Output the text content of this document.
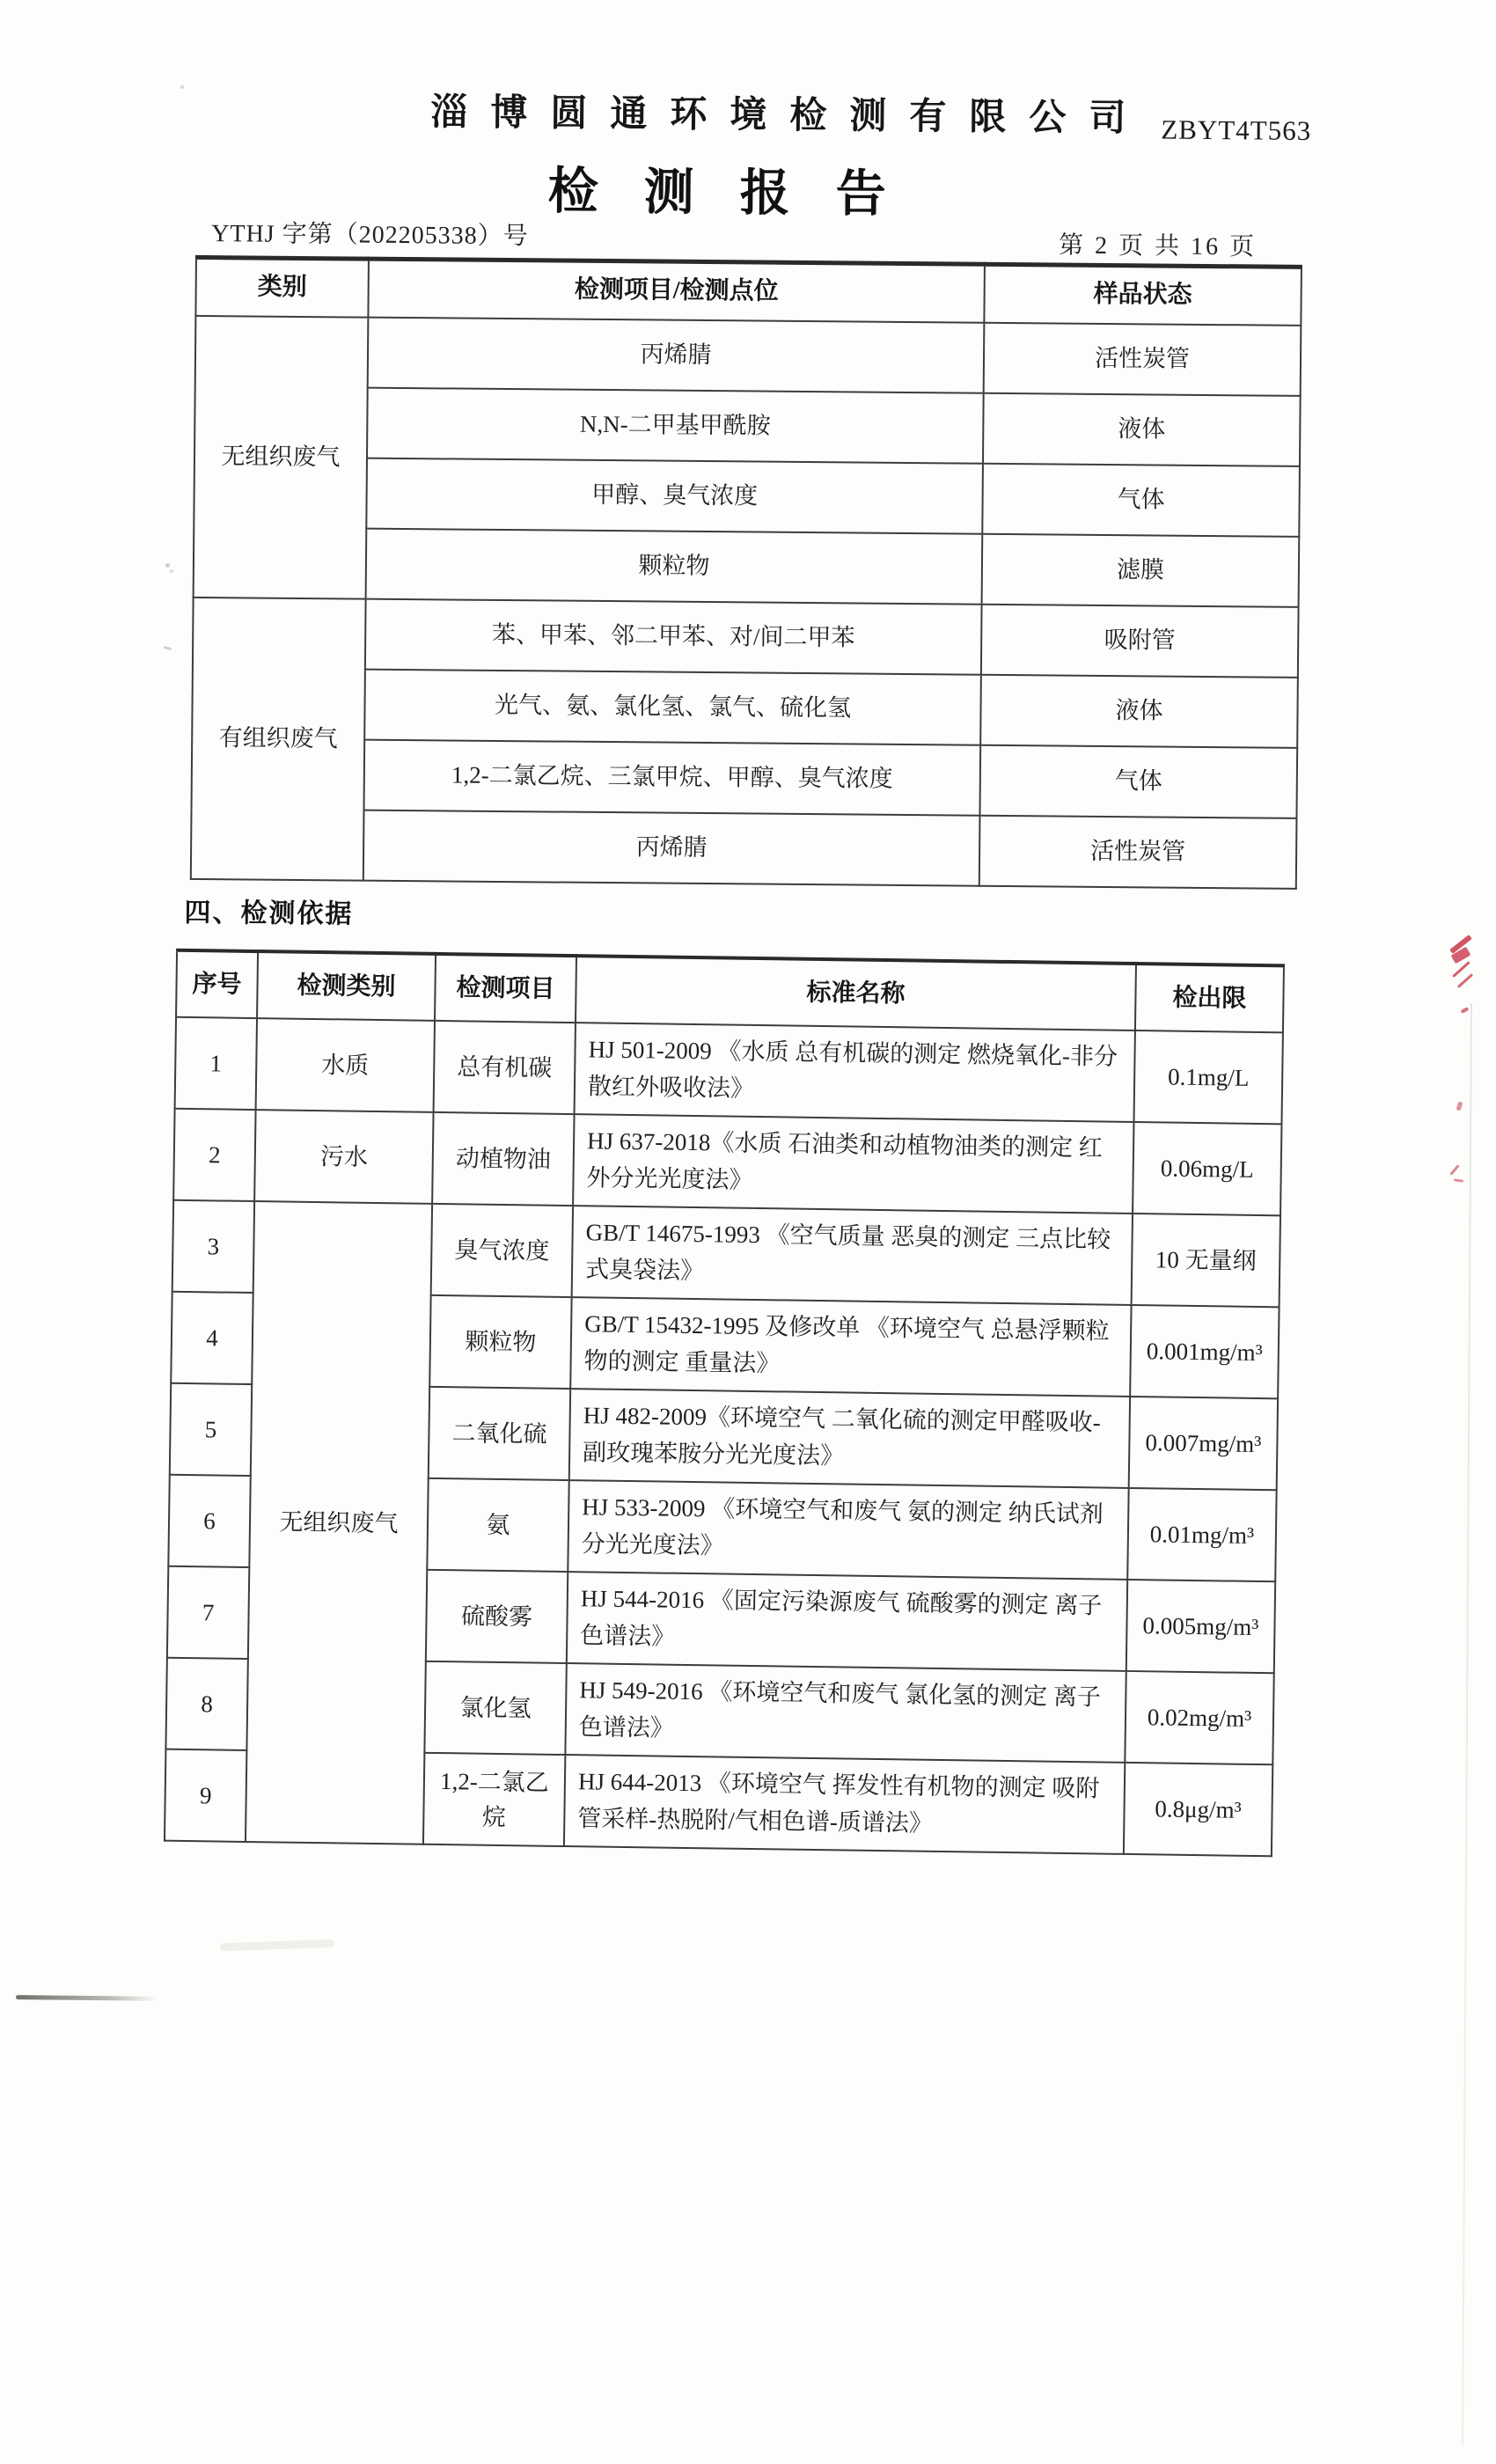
淄博圆通环境检测有限公司 ZBYT4T563
检测报告
YTHJ 字第（202205338）号	第 2 页 共 16 页
类别	检测项目/检测点位	样品状态
无组织废气	丙烯腈	活性炭管
	N,N-二甲基甲酰胺	液体
	甲醇、臭气浓度	气体
	颗粒物	滤膜
有组织废气	苯、甲苯、邻二甲苯、对/间二甲苯	吸附管
	光气、氨、氯化氢、氯气、硫化氢	液体
	1,2-二氯乙烷、三氯甲烷、甲醇、臭气浓度	气体
	丙烯腈	活性炭管
四、检测依据
序号	检测类别	检测项目	标准名称	检出限
1	水质	总有机碳	HJ 501-2009 《水质 总有机碳的测定 燃烧氧化-非分散红外吸收法》	0.1mg/L
2	污水	动植物油	HJ 637-2018《水质 石油类和动植物油类的测定 红外分光光度法》	0.06mg/L
3	无组织废气	臭气浓度	GB/T 14675-1993 《空气质量 恶臭的测定 三点比较式臭袋法》	10 无量纲
4		颗粒物	GB/T 15432-1995 及修改单 《环境空气 总悬浮颗粒物的测定 重量法》	0.001mg/m³
5		二氧化硫	HJ 482-2009《环境空气 二氧化硫的测定甲醛吸收-副玫瑰苯胺分光光度法》	0.007mg/m³
6		氨	HJ 533-2009 《环境空气和废气 氨的测定 纳氏试剂分光光度法》	0.01mg/m³
7		硫酸雾	HJ 544-2016 《固定污染源废气 硫酸雾的测定 离子色谱法》	0.005mg/m³
8		氯化氢	HJ 549-2016 《环境空气和废气 氯化氢的测定 离子色谱法》	0.02mg/m³
9		1,2-二氯乙烷	HJ 644-2013 《环境空气 挥发性有机物的测定 吸附管采样-热脱附/气相色谱-质谱法》	0.8μg/m³
